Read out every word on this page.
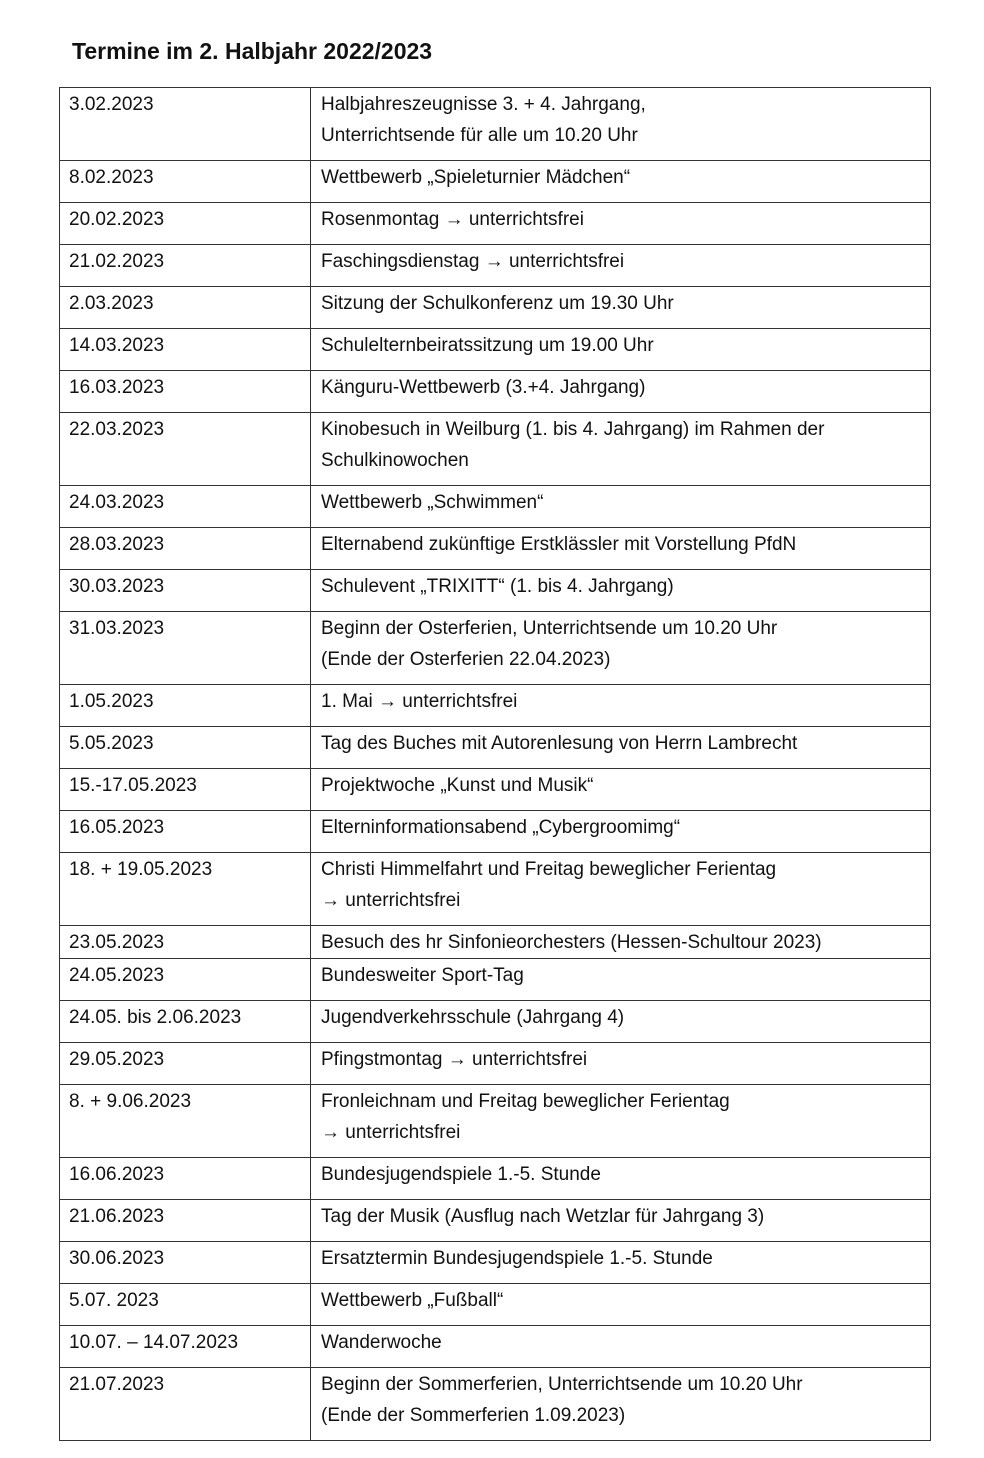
Termine im 2. Halbjahr 2022/2023
3.02.2023	Halbjahreszeugnisse 3. + 4. Jahrgang,
Unterrichtsende für alle um 10.20 Uhr

8.02.2023	Wettbewerb „Spieleturnier Mädchen“

20.02.2023	Rosenmontag → unterrichtsfrei

21.02.2023	Faschingsdienstag → unterrichtsfrei

2.03.2023	Sitzung der Schulkonferenz um 19.30 Uhr

14.03.2023	Schulelternbeiratssitzung um 19.00 Uhr

16.03.2023	Känguru-Wettbewerb (3.+4. Jahrgang)

22.03.2023	Kinobesuch in Weilburg (1. bis 4. Jahrgang) im Rahmen der
Schulkinowochen

24.03.2023	Wettbewerb „Schwimmen“

28.03.2023	Elternabend zukünftige Erstklässler mit Vorstellung PfdN

30.03.2023	Schulevent „TRIXITT“ (1. bis 4. Jahrgang)

31.03.2023	Beginn der Osterferien, Unterrichtsende um 10.20 Uhr
(Ende der Osterferien 22.04.2023)

1.05.2023	1. Mai → unterrichtsfrei

5.05.2023	Tag des Buches mit Autorenlesung von Herrn Lambrecht

15.-17.05.2023	Projektwoche „Kunst und Musik“

16.05.2023	Elterninformationsabend „Cybergroomimg“

18. + 19.05.2023	Christi Himmelfahrt und Freitag beweglicher Ferientag
→ unterrichtsfrei

23.05.2023	Besuch des hr Sinfonieorchesters (Hessen-Schultour 2023)

24.05.2023	Bundesweiter Sport-Tag

24.05. bis 2.06.2023	Jugendverkehrsschule (Jahrgang 4)

29.05.2023	Pfingstmontag → unterrichtsfrei

8. + 9.06.2023	Fronleichnam und Freitag beweglicher Ferientag
→ unterrichtsfrei

16.06.2023	Bundesjugendspiele 1.-5. Stunde

21.06.2023	Tag der Musik (Ausflug nach Wetzlar für Jahrgang 3)

30.06.2023	Ersatztermin Bundesjugendspiele 1.-5. Stunde

5.07. 2023	Wettbewerb „Fußball“

10.07. – 14.07.2023	Wanderwoche

21.07.2023	Beginn der Sommerferien, Unterrichtsende um 10.20 Uhr
(Ende der Sommerferien 1.09.2023)
